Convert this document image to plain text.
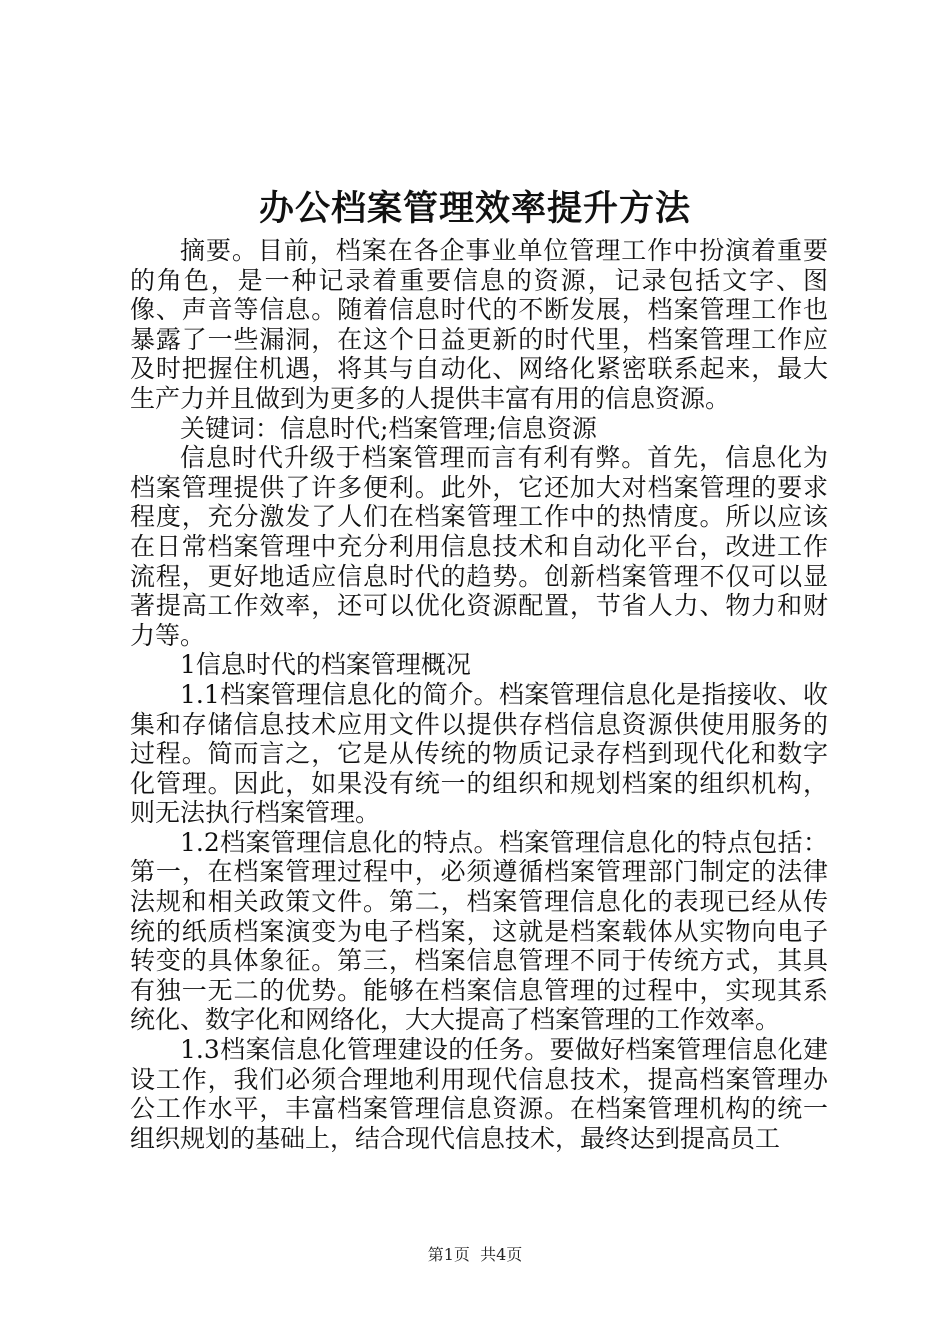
办公档案管理效率提升方法

摘要。目前，档案在各企事业单位管理工作中扮演着重要的角色，是一种记录着重要信息的资源，记录包括文字、图像、声音等信息。随着信息时代的不断发展，档案管理工作也暴露了一些漏洞，在这个日益更新的时代里，档案管理工作应及时把握住机遇，将其与自动化、网络化紧密联系起来，最大生产力并且做到为更多的人提供丰富有用的信息资源。

关键词：信息时代;档案管理;信息资源

信息时代升级于档案管理而言有利有弊。首先，信息化为档案管理提供了许多便利。此外，它还加大对档案管理的要求程度，充分激发了人们在档案管理工作中的热情度。所以应该在日常档案管理中充分利用信息技术和自动化平台，改进工作流程，更好地适应信息时代的趋势。创新档案管理不仅可以显著提高工作效率，还可以优化资源配置，节省人力、物力和财力等。

1信息时代的档案管理概况

1.1档案管理信息化的简介。档案管理信息化是指接收、收集和存储信息技术应用文件以提供存档信息资源供使用服务的过程。简而言之，它是从传统的物质记录存档到现代化和数字化管理。因此，如果没有统一的组织和规划档案的组织机构，则无法执行档案管理。

1.2档案管理信息化的特点。档案管理信息化的特点包括：第一，在档案管理过程中，必须遵循档案管理部门制定的法律法规和相关政策文件。第二，档案管理信息化的表现已经从传统的纸质档案演变为电子档案，这就是档案载体从实物向电子转变的具体象征。第三，档案信息管理不同于传统方式，其具有独一无二的优势。能够在档案信息管理的过程中，实现其系统化、数字化和网络化，大大提高了档案管理的工作效率。

1.3档案信息化管理建设的任务。要做好档案管理信息化建设工作，我们必须合理地利用现代信息技术，提高档案管理办公工作水平，丰富档案管理信息资源。在档案管理机构的统一组织规划的基础上，结合现代信息技术，最终达到提高员工

第1页  共4页
